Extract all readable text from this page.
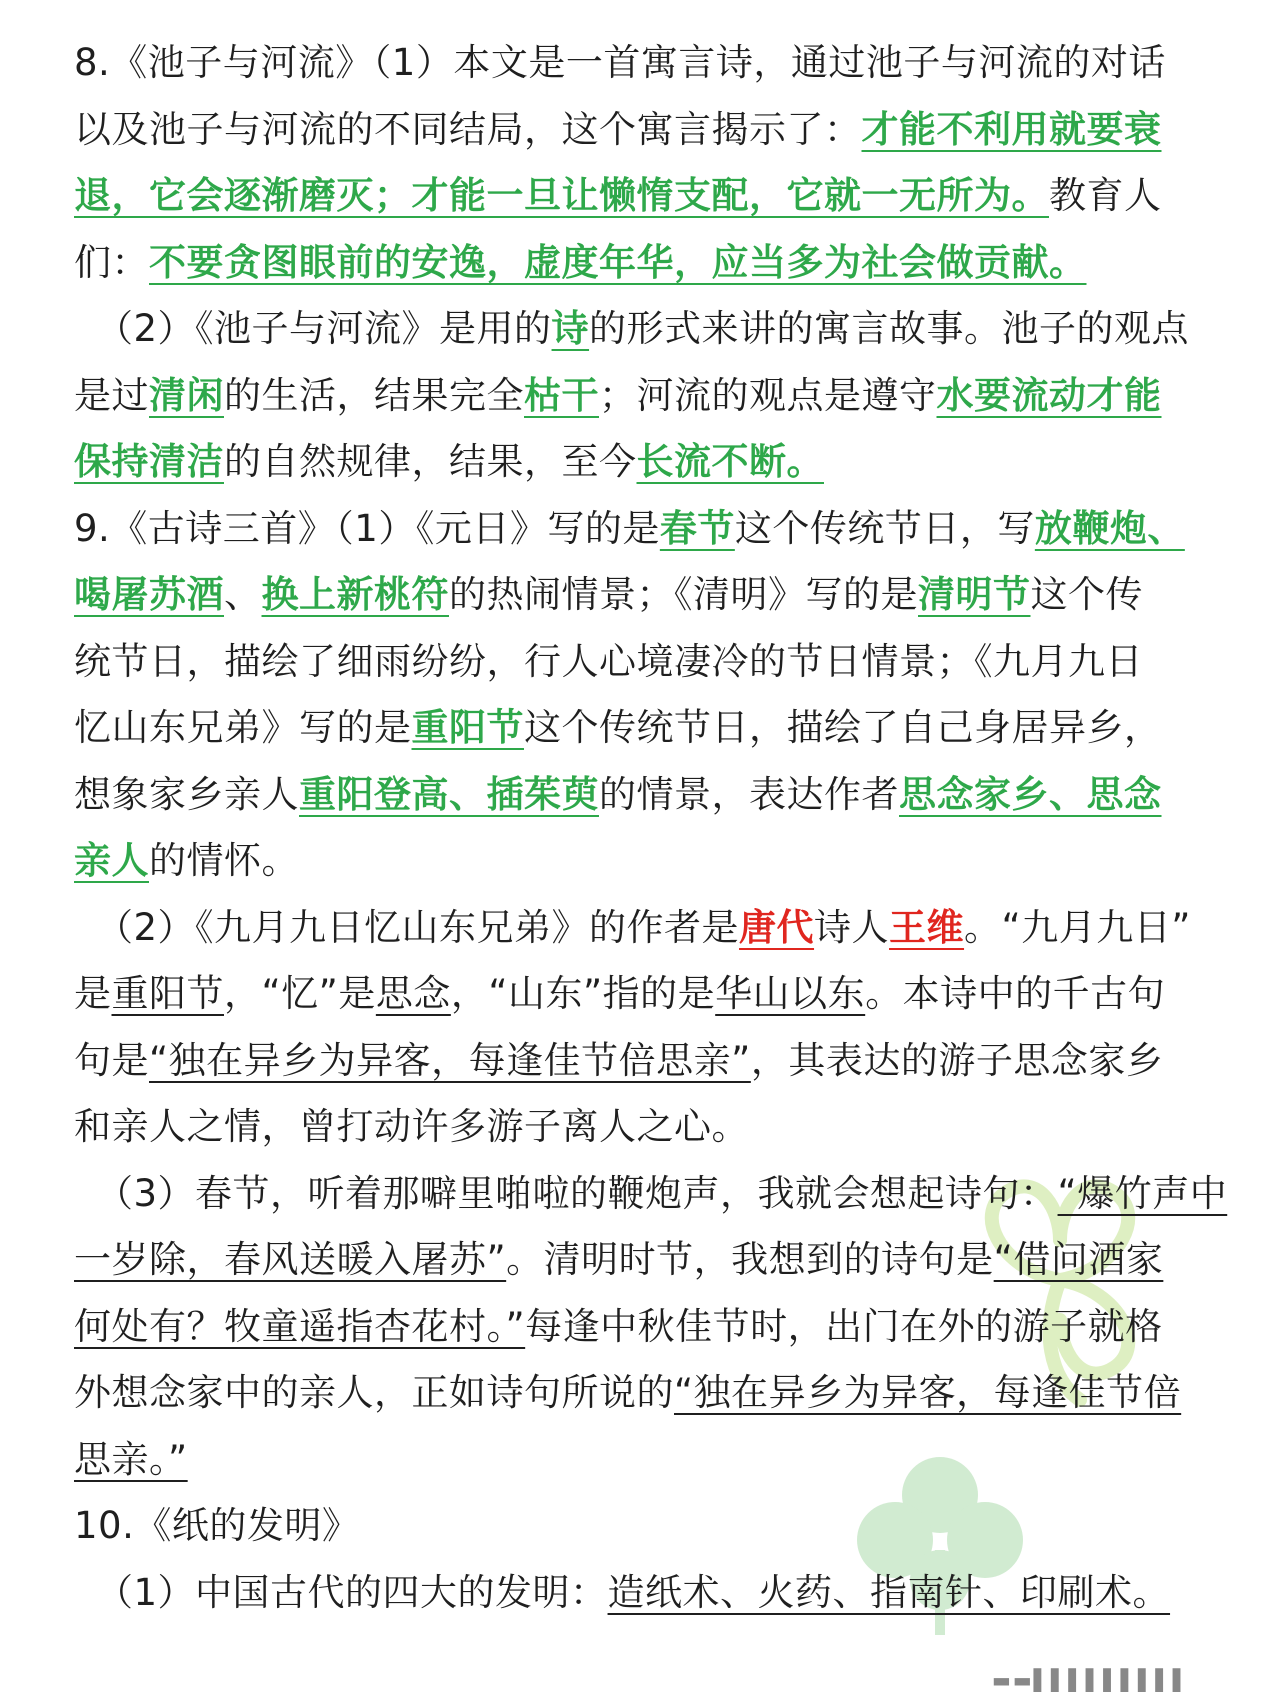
8.《池子与河流》（1）本文是一首寓言诗，通过池子与河流的对话
以及池子与河流的不同结局，这个寓言揭示了：才能不利用就要衰
退，它会逐渐磨灭；才能一旦让懒惰支配，它就一无所为。教育人
们：不要贪图眼前的安逸，虚度年华，应当多为社会做贡献。
（2）《池子与河流》是用的诗的形式来讲的寓言故事。池子的观点
是过清闲的生活，结果完全枯干；河流的观点是遵守水要流动才能
保持清洁的自然规律，结果，至今长流不断。
9.《古诗三首》（1）《元日》写的是春节这个传统节日，写放鞭炮、
喝屠苏酒、换上新桃符的热闹情景；《清明》写的是清明节这个传
统节日，描绘了细雨纷纷，行人心境凄冷的节日情景；《九月九日
忆山东兄弟》写的是重阳节这个传统节日，描绘了自己身居异乡，
想象家乡亲人重阳登高、插茱萸的情景，表达作者思念家乡、思念
亲人的情怀。
（2）《九月九日忆山东兄弟》的作者是唐代诗人王维。“九月九日”
是重阳节，“忆”是思念，“山东”指的是华山以东。本诗中的千古句
句是“独在异乡为异客，每逢佳节倍思亲”，其表达的游子思念家乡
和亲人之情，曾打动许多游子离人之心。
（3）春节，听着那噼里啪啦的鞭炮声，我就会想起诗句：“爆竹声中
一岁除，春风送暖入屠苏”。清明时节，我想到的诗句是“借问酒家
何处有？牧童遥指杏花村。”每逢中秋佳节时，出门在外的游子就格
外想念家中的亲人，正如诗句所说的“独在异乡为异客，每逢佳节倍
思亲。”
10.《纸的发明》
（1）中国古代的四大的发明：造纸术、火药、指南针、印刷术。
▬▬▌▌▌▌▌▌▌▌▌
